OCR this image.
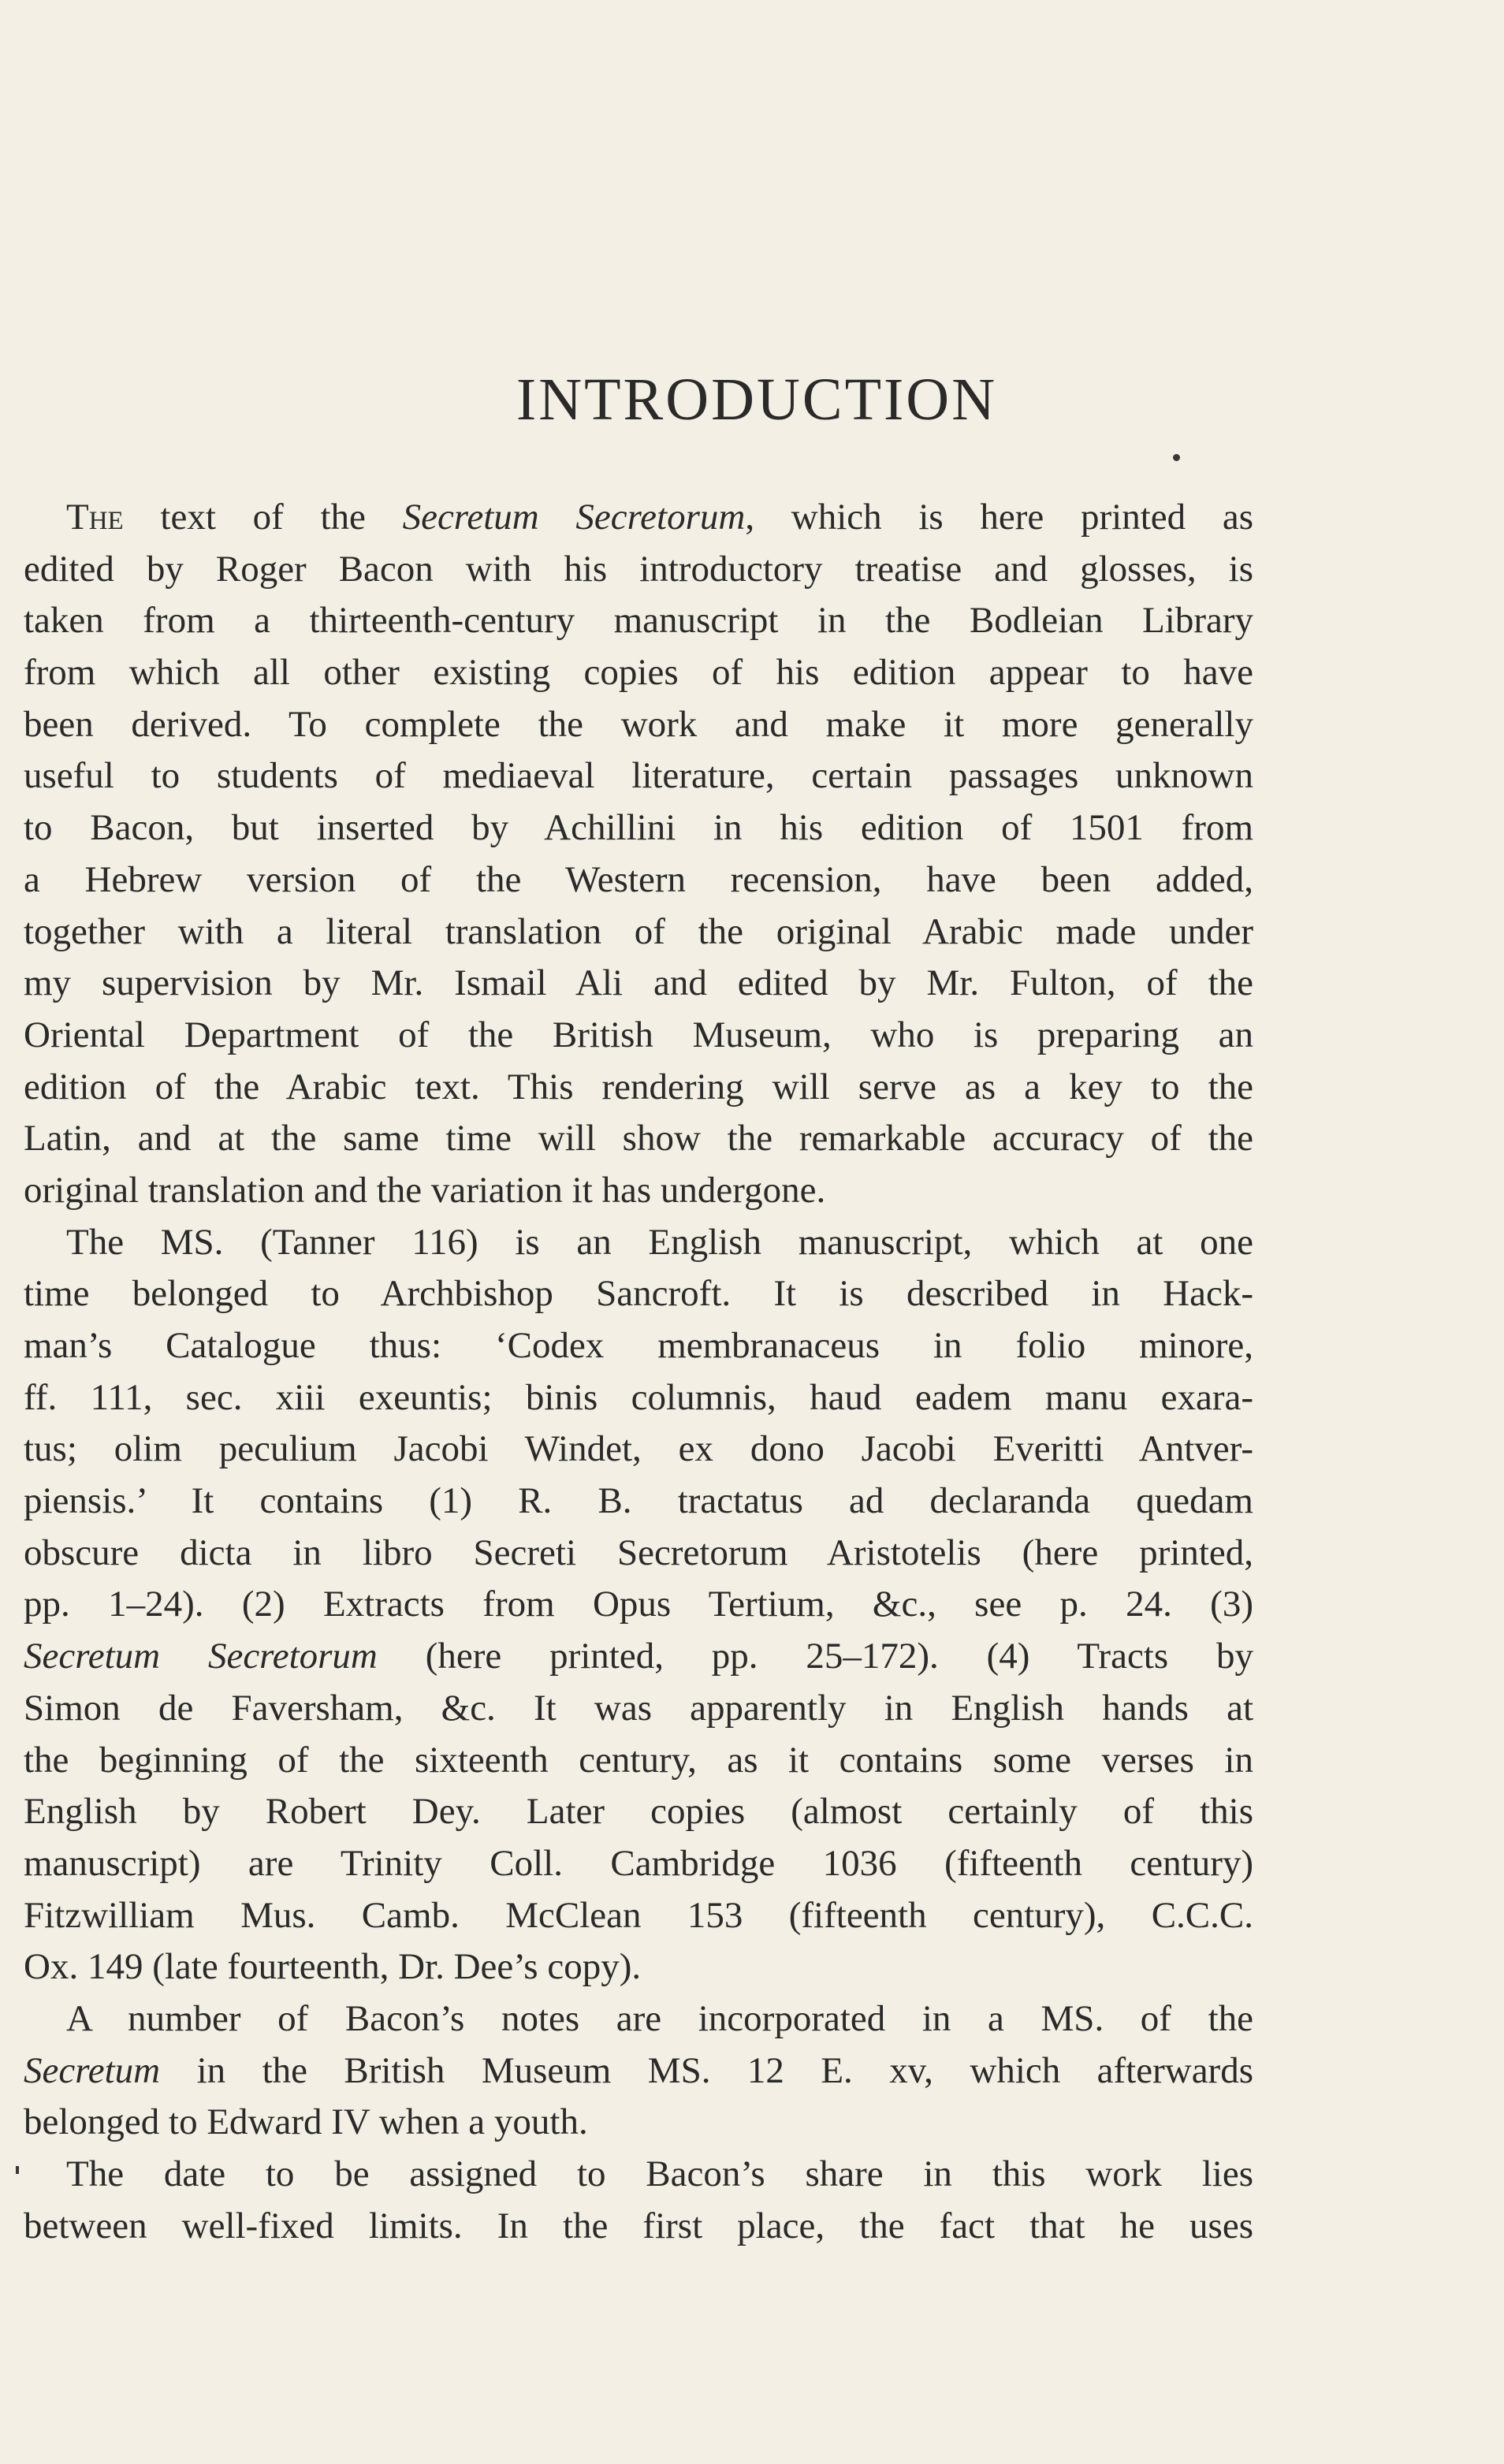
INTRODUCTION
The text of the Secretum Secretorum, which is here printed as
edited by Roger Bacon with his introductory treatise and glosses, is
taken from a thirteenth-century manuscript in the Bodleian Library
from which all other existing copies of his edition appear to have
been derived. To complete the work and make it more generally
useful to students of mediaeval literature, certain passages unknown
to Bacon, but inserted by Achillini in his edition of 1501 from
a Hebrew version of the Western recension, have been added,
together with a literal translation of the original Arabic made under
my supervision by Mr. Ismail Ali and edited by Mr. Fulton, of the
Oriental Department of the British Museum, who is preparing an
edition of the Arabic text. This rendering will serve as a key to the
Latin, and at the same time will show the remarkable accuracy of the
original translation and the variation it has undergone.
The MS. (Tanner 116) is an English manuscript, which at one
time belonged to Archbishop Sancroft. It is described in Hack-
man’s Catalogue thus: ‘Codex membranaceus in folio minore,
ff. 111, sec. xiii exeuntis; binis columnis, haud eadem manu exara-
tus; olim peculium Jacobi Windet, ex dono Jacobi Everitti Antver-
piensis.’ It contains (1) R. B. tractatus ad declaranda quedam
obscure dicta in libro Secreti Secretorum Aristotelis (here printed,
pp. 1–24). (2) Extracts from Opus Tertium, &c., see p. 24. (3)
Secretum Secretorum (here printed, pp. 25–172). (4) Tracts by
Simon de Faversham, &c. It was apparently in English hands at
the beginning of the sixteenth century, as it contains some verses in
English by Robert Dey. Later copies (almost certainly of this
manuscript) are Trinity Coll. Cambridge 1036 (fifteenth century)
Fitzwilliam Mus. Camb. McClean 153 (fifteenth century), C.C.C.
Ox. 149 (late fourteenth, Dr. Dee’s copy).
A number of Bacon’s notes are incorporated in a MS. of the
Secretum in the British Museum MS. 12 E. xv, which afterwards
belonged to Edward IV when a youth.
The date to be assigned to Bacon’s share in this work lies
between well-fixed limits. In the first place, the fact that he uses
